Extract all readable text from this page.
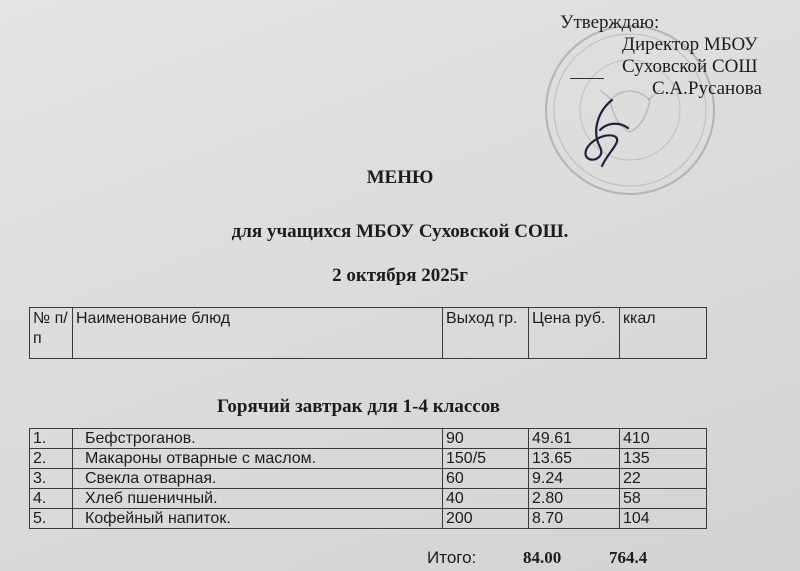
Утверждаю:
Директор МБОУ
Суховской СОШ
С.А.Русанова
МЕНЮ
для учащихся МБОУ Суховской СОШ.
2 октября 2025г
№ п/п	Наименование блюд	Выход гр.	Цена руб.	ккал
Горячий завтрак для 1-4 классов
1.	Бефстроганов.	90	49.61	410
2.	Макароны отварные с маслом.	150/5	13.65	135
3.	Свекла отварная.	60	9.24	22
4.	Хлеб пшеничный.	40	2.80	58
5.	Кофейный напиток.	200	8.70	104
Итого:	84.00	764.4
